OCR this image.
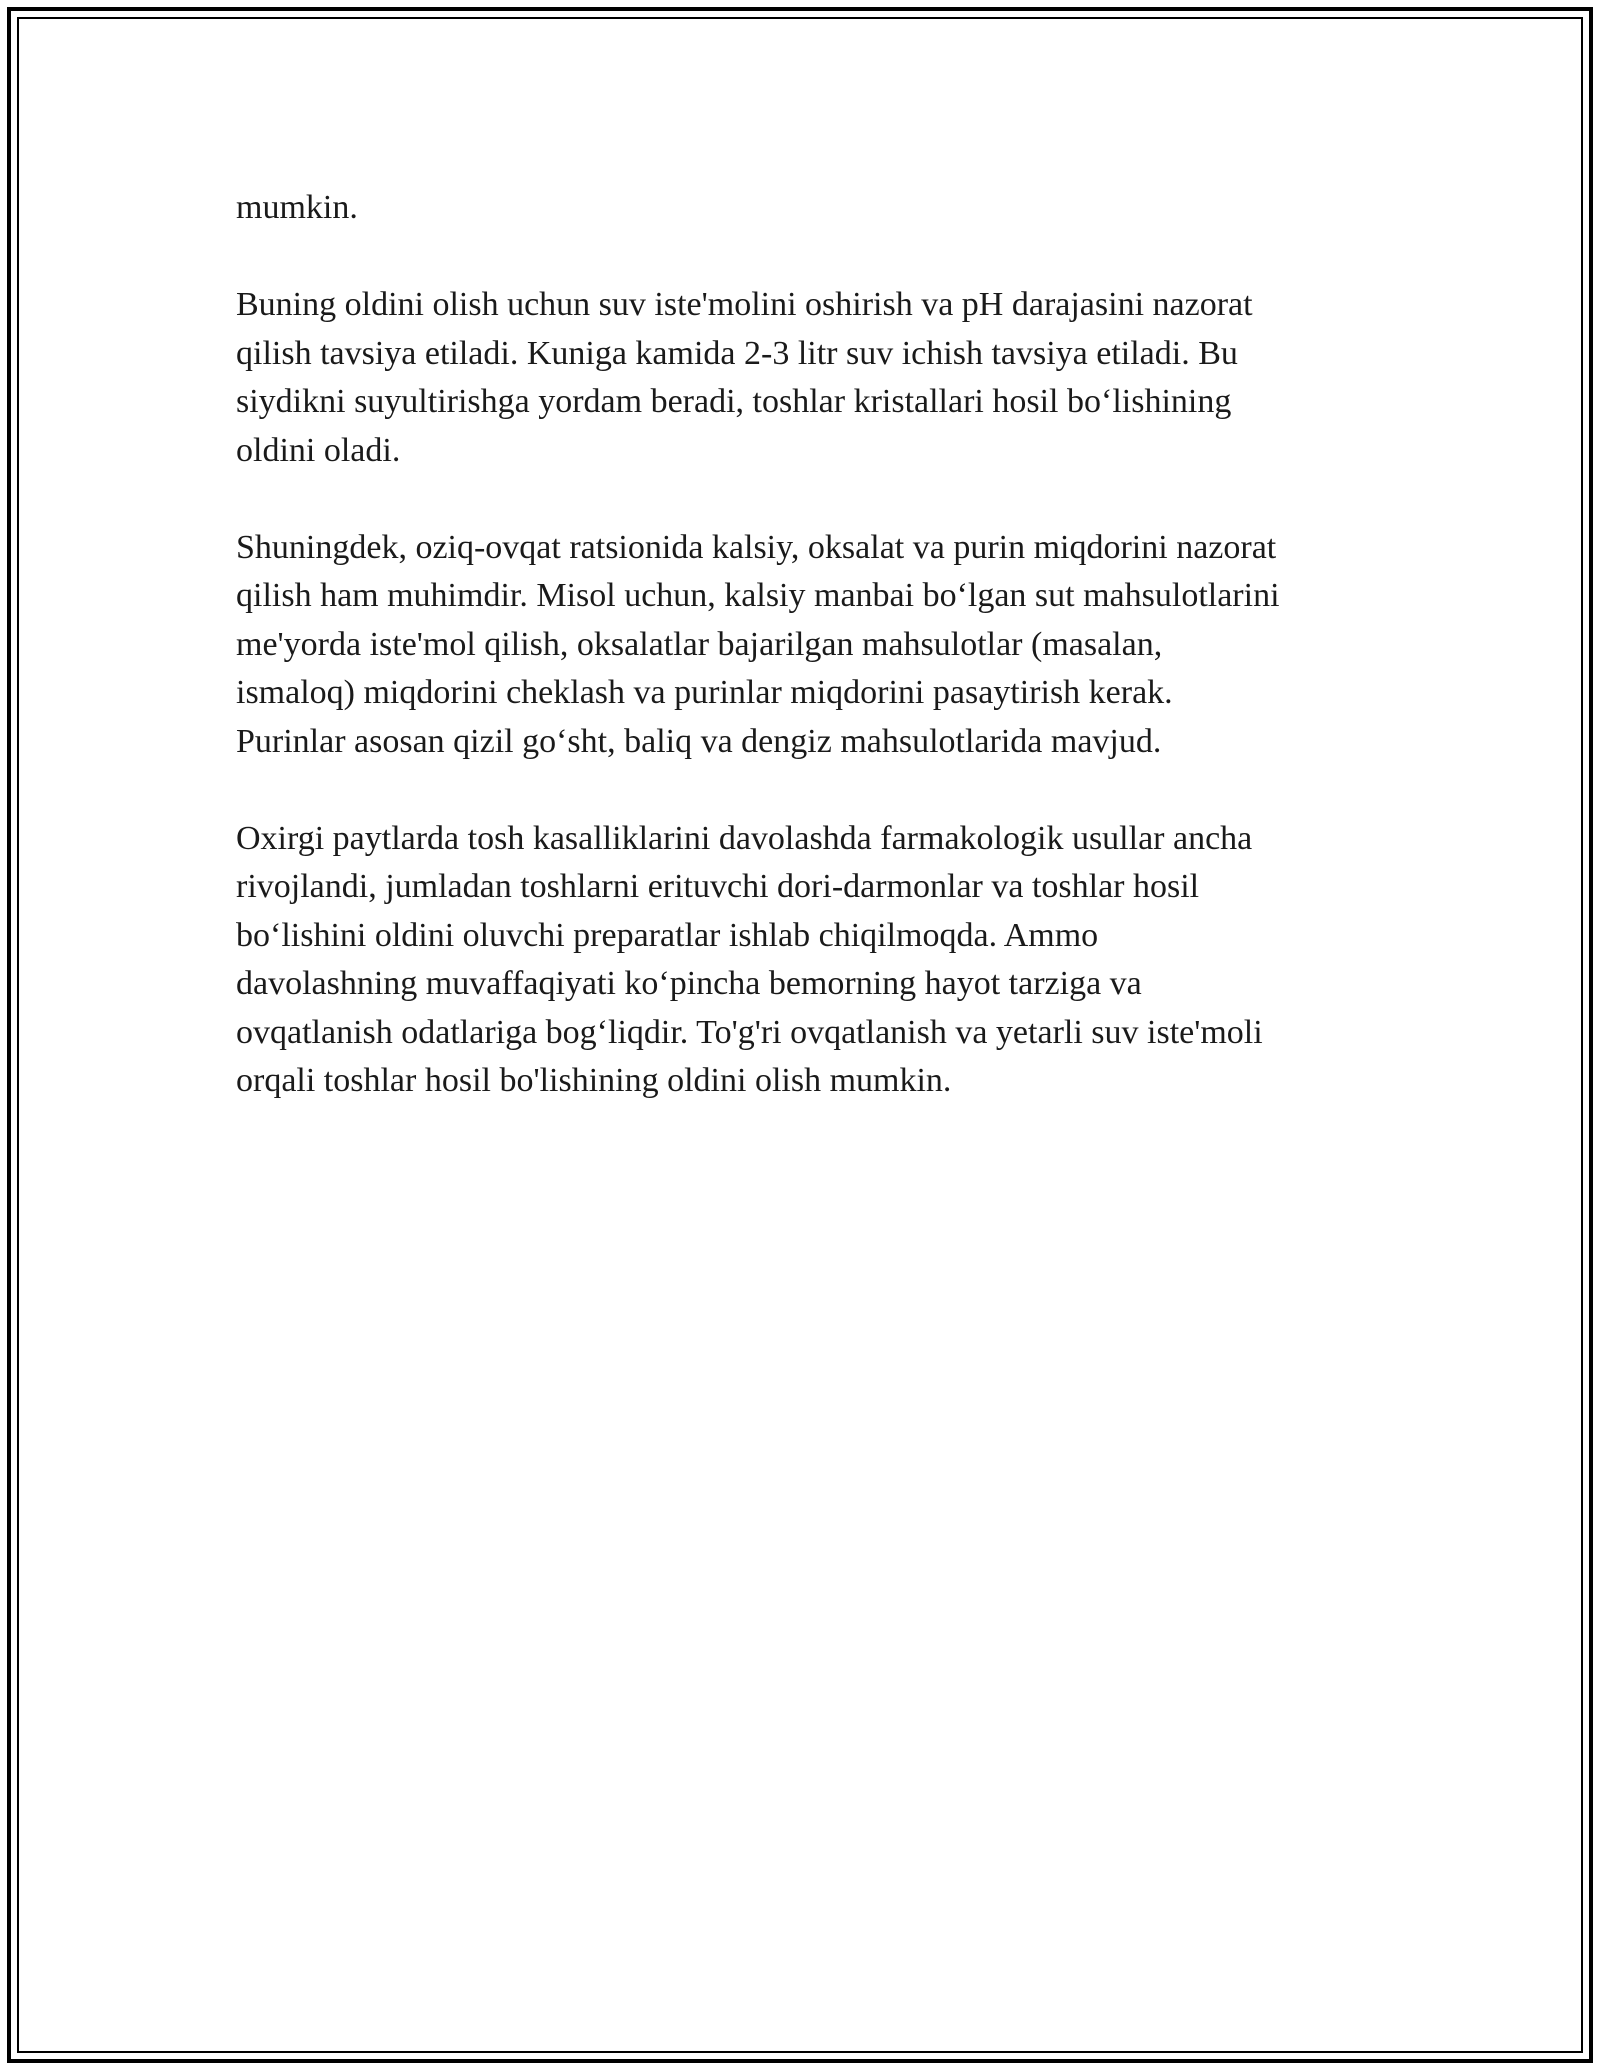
mumkin.

Buning oldini olish uchun suv iste'molini oshirish va pH darajasini nazorat
qilish tavsiya etiladi. Kuniga kamida 2-3 litr suv ichish tavsiya etiladi. Bu
siydikni suyultirishga yordam beradi, toshlar kristallari hosil bo‘lishining
oldini oladi.

Shuningdek, oziq-ovqat ratsionida kalsiy, oksalat va purin miqdorini nazorat
qilish ham muhimdir. Misol uchun, kalsiy manbai bo‘lgan sut mahsulotlarini
me'yorda iste'mol qilish, oksalatlar bajarilgan mahsulotlar (masalan,
ismaloq) miqdorini cheklash va purinlar miqdorini pasaytirish kerak.
Purinlar asosan qizil go‘sht, baliq va dengiz mahsulotlarida mavjud.

Oxirgi paytlarda tosh kasalliklarini davolashda farmakologik usullar ancha
rivojlandi, jumladan toshlarni erituvchi dori-darmonlar va toshlar hosil
bo‘lishini oldini oluvchi preparatlar ishlab chiqilmoqda. Ammo
davolashning muvaffaqiyati ko‘pincha bemorning hayot tarziga va
ovqatlanish odatlariga bog‘liqdir. To'g'ri ovqatlanish va yetarli suv iste'moli
orqali toshlar hosil bo'lishining oldini olish mumkin.
